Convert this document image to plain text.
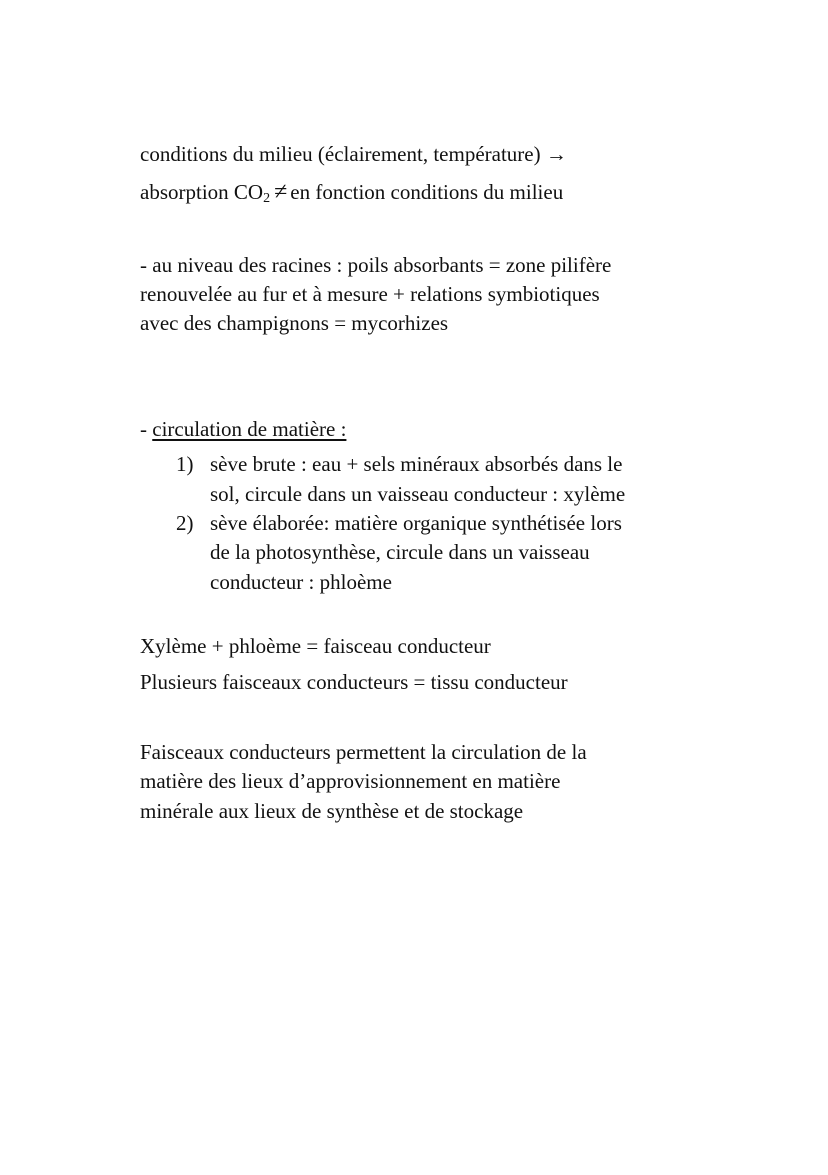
conditions du milieu (éclairement, température) →
absorption $CO_2$ ≠ en fonction conditions du milieu
- au niveau des racines : poils absorbants = zone pilifère
renouvelée au fur et à mesure + relations symbiotiques
avec des champignons = mycorhizes
- circulation de matière :
1) sève brute : eau + sels minéraux absorbés dans le
sol, circule dans un vaisseau conducteur : xylème
2) sève élaborée: matière organique synthétisée lors
de la photosynthèse, circule dans un vaisseau
conducteur : phloème
Xylème + phloème = faisceau conducteur
Plusieurs faisceaux conducteurs = tissu conducteur
Faisceaux conducteurs permettent la circulation de la
matière des lieux d’approvisionnement en matière
minérale aux lieux de synthèse et de stockage
